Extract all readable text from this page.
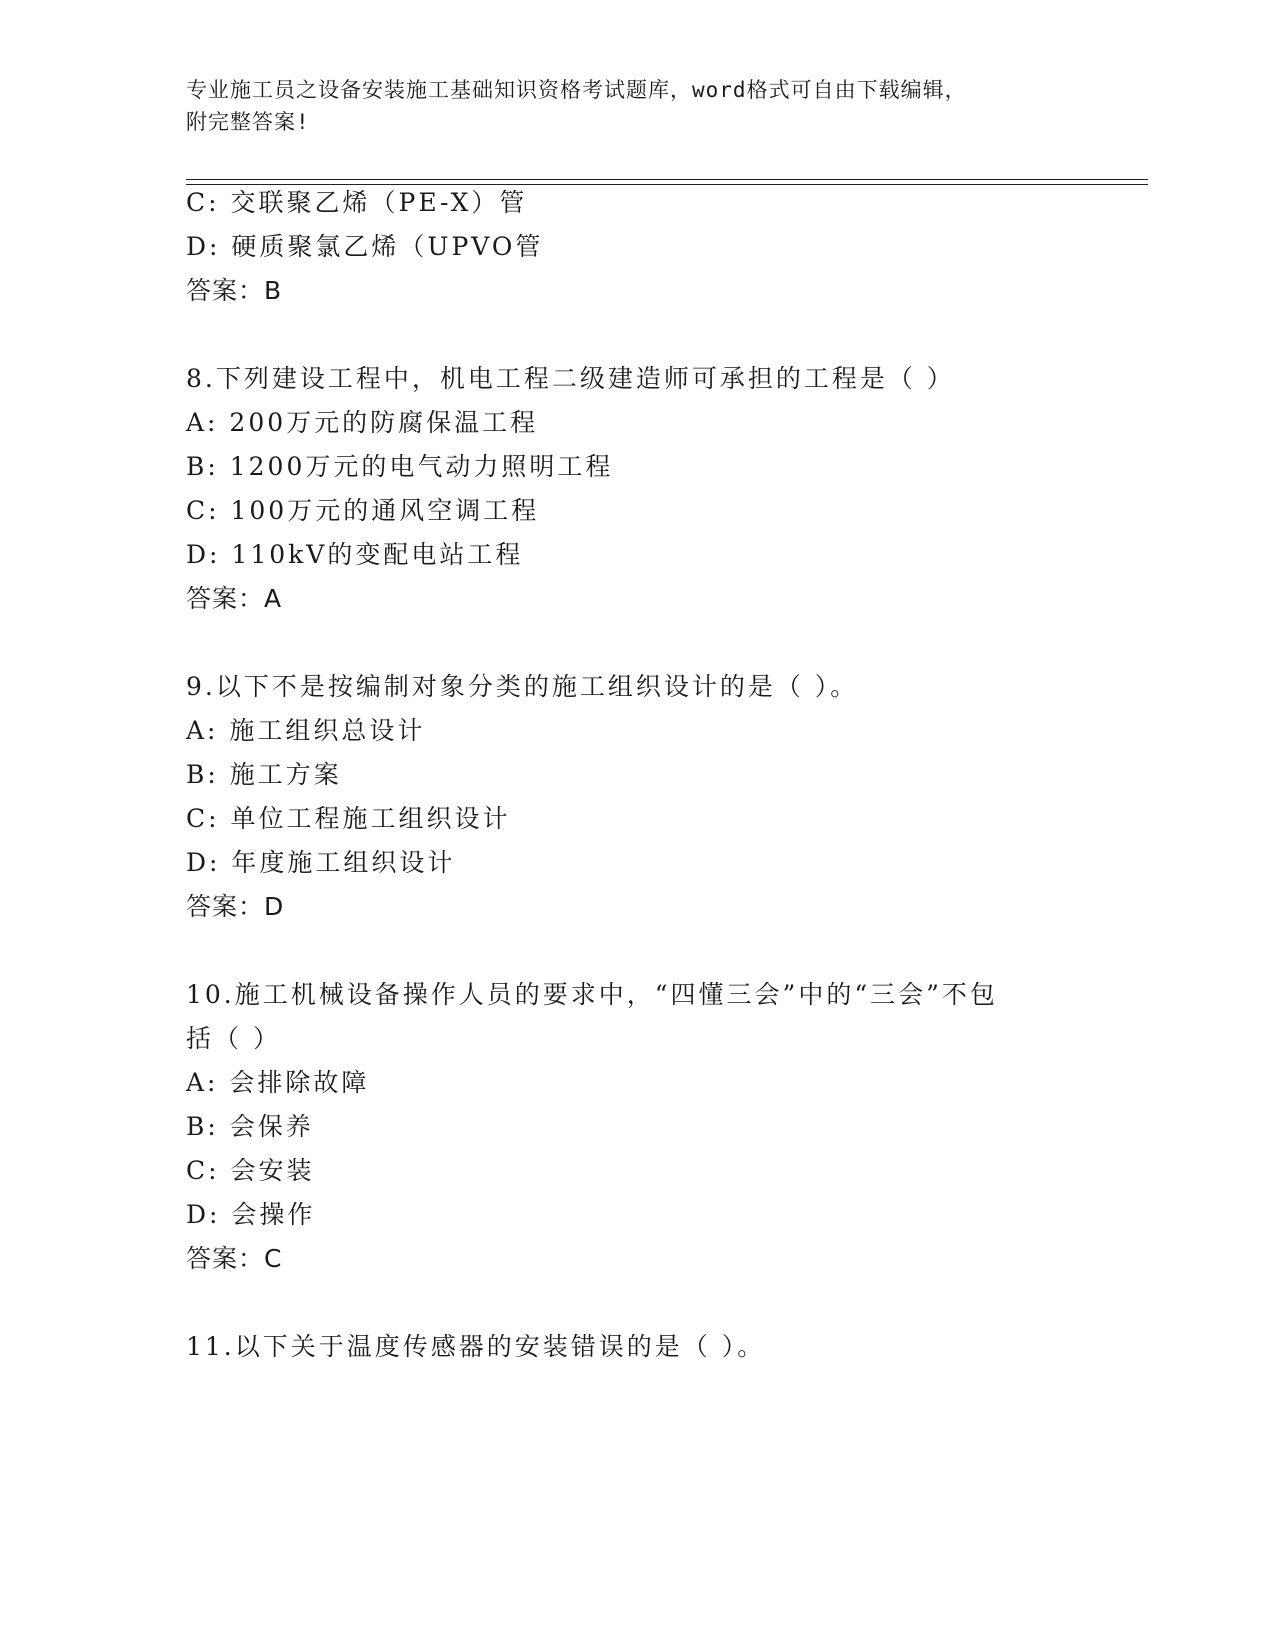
专业施工员之设备安装施工基础知识资格考试题库，word格式可自由下载编辑，
附完整答案!
C: 交联聚乙烯（PE-X）管
D: 硬质聚氯乙烯（UPVO管
答案：B
8.下列建设工程中，机电工程二级建造师可承担的工程是（ ）
A: 200万元的防腐保温工程
B: 1200万元的电气动力照明工程
C: 100万元的通风空调工程
D: 110kV的变配电站工程
答案：A
9.以下不是按编制对象分类的施工组织设计的是（ ）。
A: 施工组织总设计
B: 施工方案
C: 单位工程施工组织设计
D: 年度施工组织设计
答案：D
10.施工机械设备操作人员的要求中，“四懂三会”中的“三会”不包
括（ ）
A: 会排除故障
B: 会保养
C: 会安装
D: 会操作
答案：C
11.以下关于温度传感器的安装错误的是（ ）。
